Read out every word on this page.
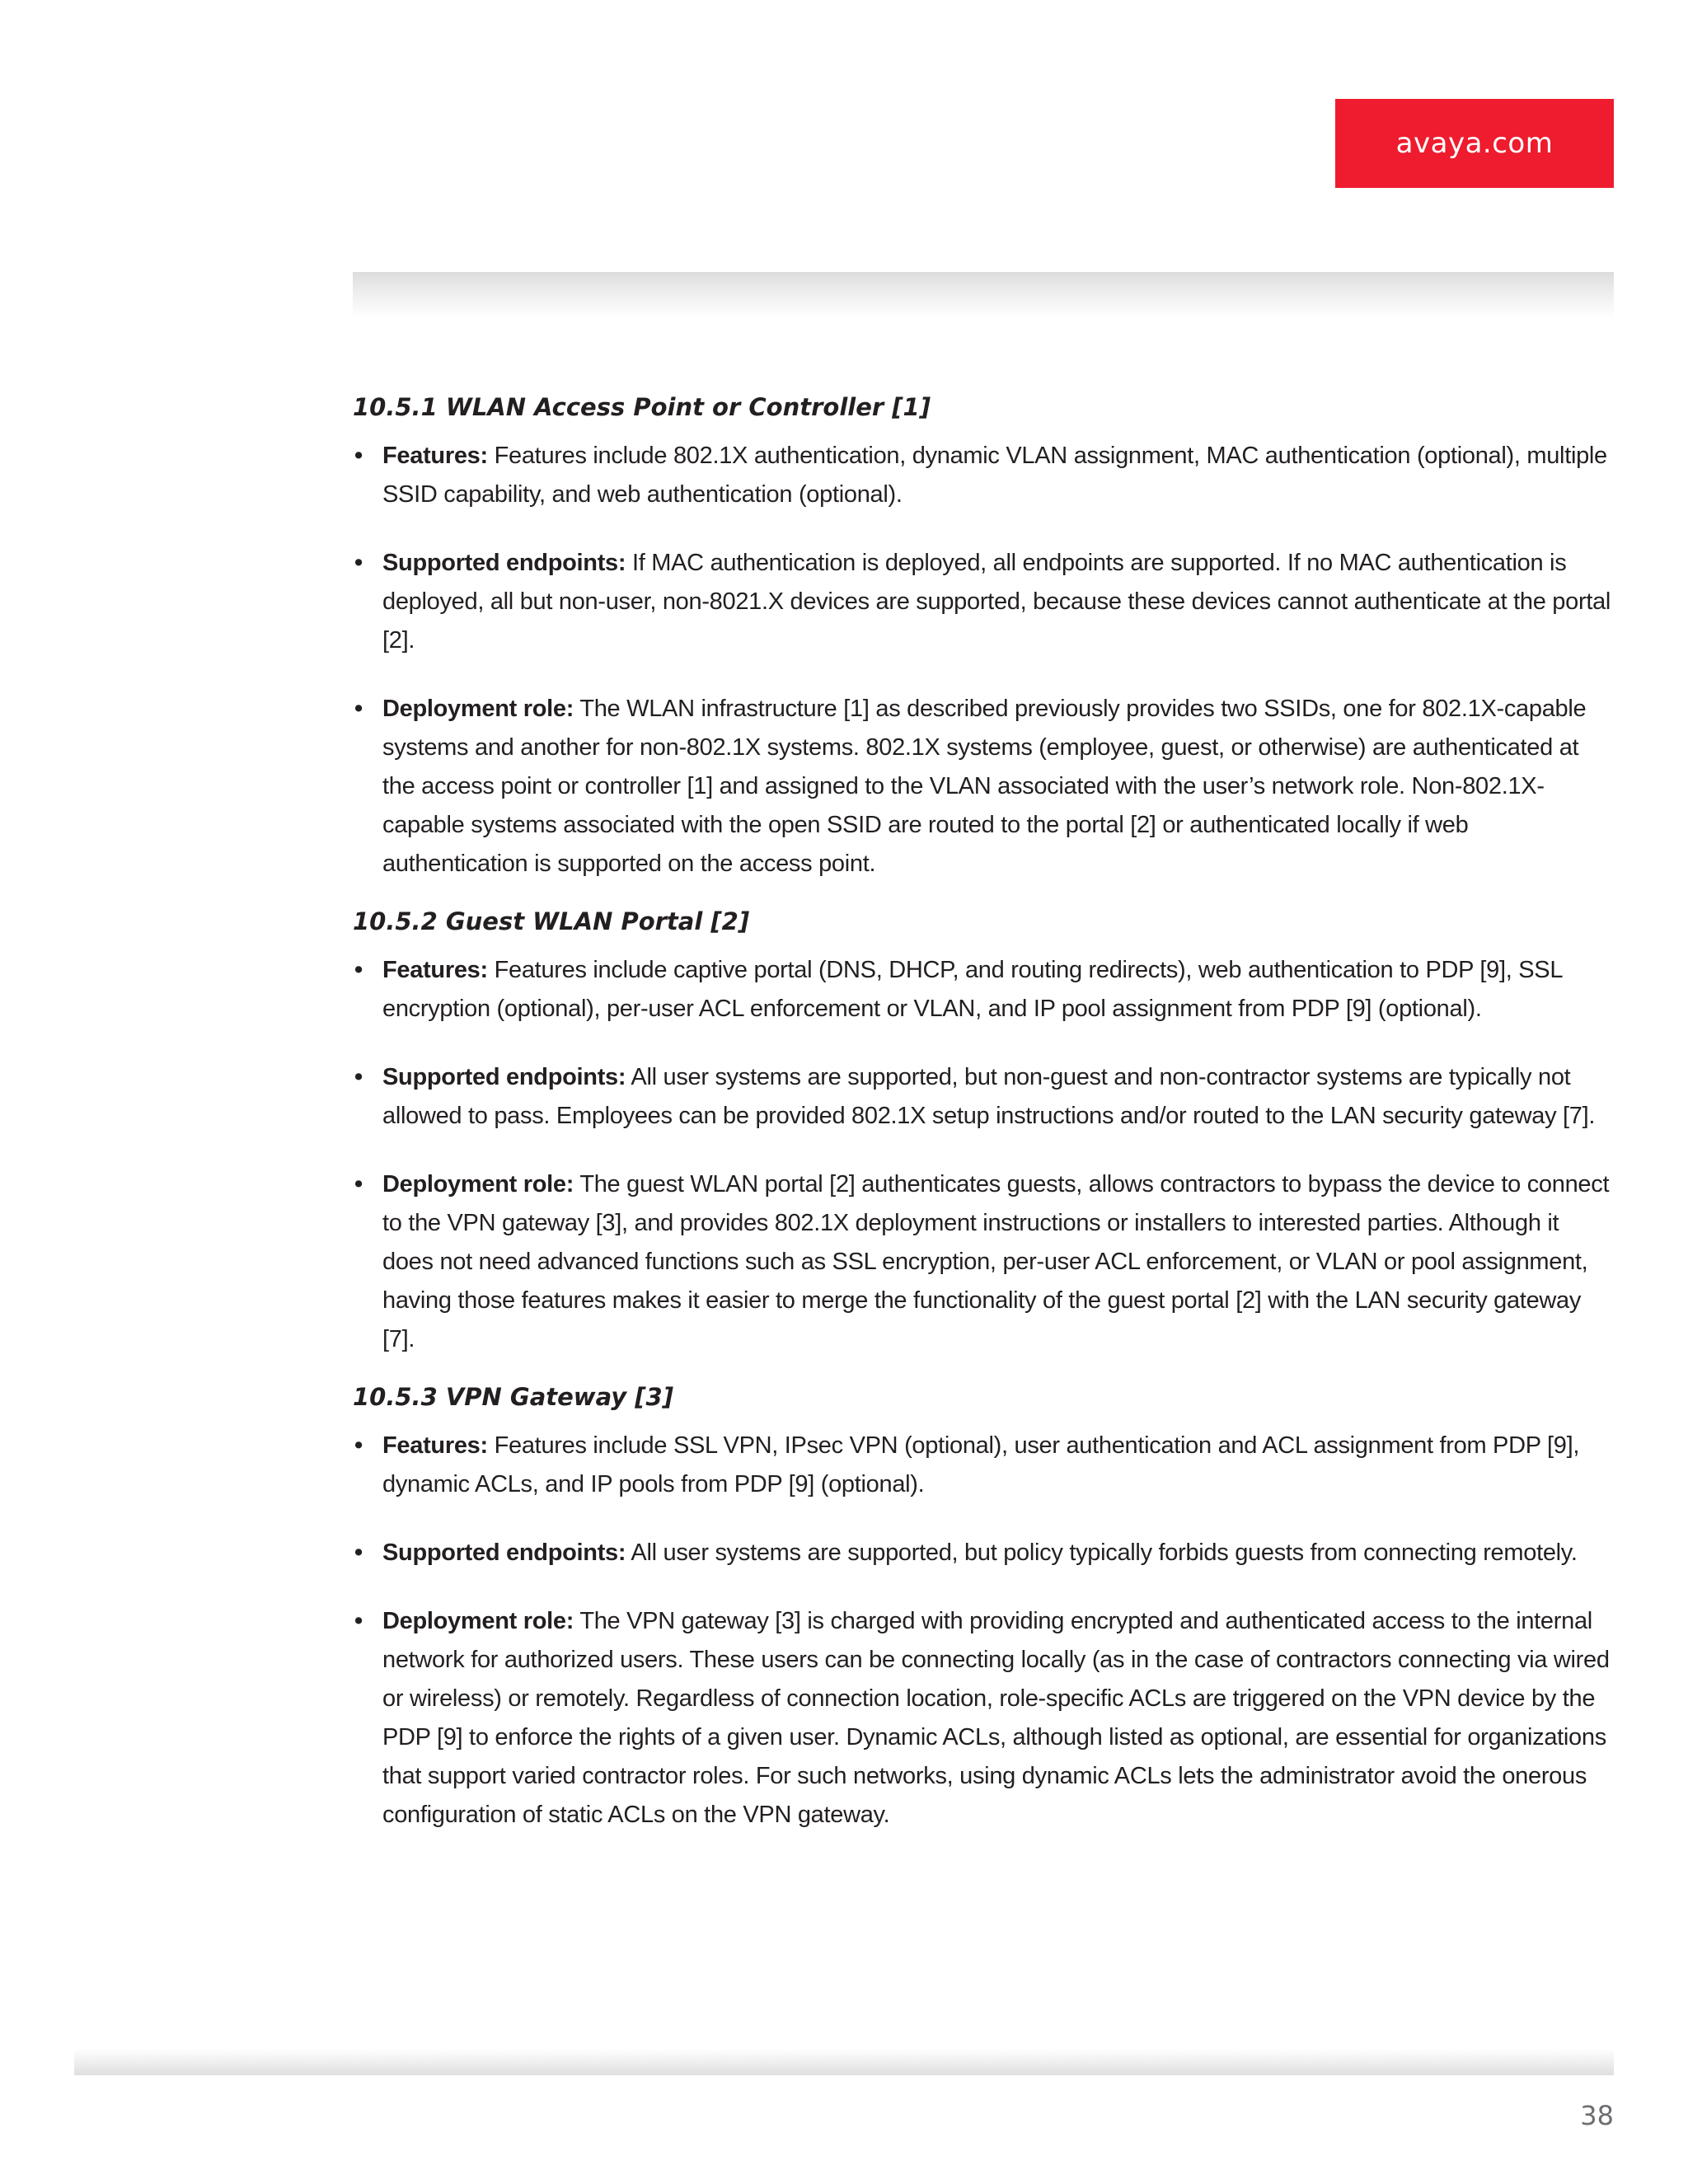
avaya.com
10.5.1 WLAN Access Point or Controller [1]
• Features: Features include 802.1X authentication, dynamic VLAN assignment, MAC authentication (optional), multiple SSID capability, and web authentication (optional).
• Supported endpoints: If MAC authentication is deployed, all endpoints are supported. If no MAC authentication is deployed, all but non-user, non-8021.X devices are supported, because these devices cannot authenticate at the portal [2].
• Deployment role: The WLAN infrastructure [1] as described previously provides two SSIDs, one for 802.1X-capable systems and another for non-802.1X systems. 802.1X systems (employee, guest, or otherwise) are authenticated at the access point or controller [1] and assigned to the VLAN associated with the user’s network role. Non-802.1X-capable systems associated with the open SSID are routed to the portal [2] or authenticated locally if web authentication is supported on the access point.
10.5.2 Guest WLAN Portal [2]
• Features: Features include captive portal (DNS, DHCP, and routing redirects), web authentication to PDP [9], SSL encryption (optional), per-user ACL enforcement or VLAN, and IP pool assignment from PDP [9] (optional).
• Supported endpoints: All user systems are supported, but non-guest and non-contractor systems are typically not allowed to pass. Employees can be provided 802.1X setup instructions and/or routed to the LAN security gateway [7].
• Deployment role: The guest WLAN portal [2] authenticates guests, allows contractors to bypass the device to connect to the VPN gateway [3], and provides 802.1X deployment instructions or installers to interested parties. Although it does not need advanced functions such as SSL encryption, per-user ACL enforcement, or VLAN or pool assignment, having those features makes it easier to merge the functionality of the guest portal [2] with the LAN security gateway [7].
10.5.3 VPN Gateway [3]
• Features: Features include SSL VPN, IPsec VPN (optional), user authentication and ACL assignment from PDP [9], dynamic ACLs, and IP pools from PDP [9] (optional).
• Supported endpoints: All user systems are supported, but policy typically forbids guests from connecting remotely.
• Deployment role: The VPN gateway [3] is charged with providing encrypted and authenticated access to the internal network for authorized users. These users can be connecting locally (as in the case of contractors connecting via wired or wireless) or remotely. Regardless of connection location, role-specific ACLs are triggered on the VPN device by the PDP [9] to enforce the rights of a given user. Dynamic ACLs, although listed as optional, are essential for organizations that support varied contractor roles. For such networks, using dynamic ACLs lets the administrator avoid the onerous configuration of static ACLs on the VPN gateway.
38
